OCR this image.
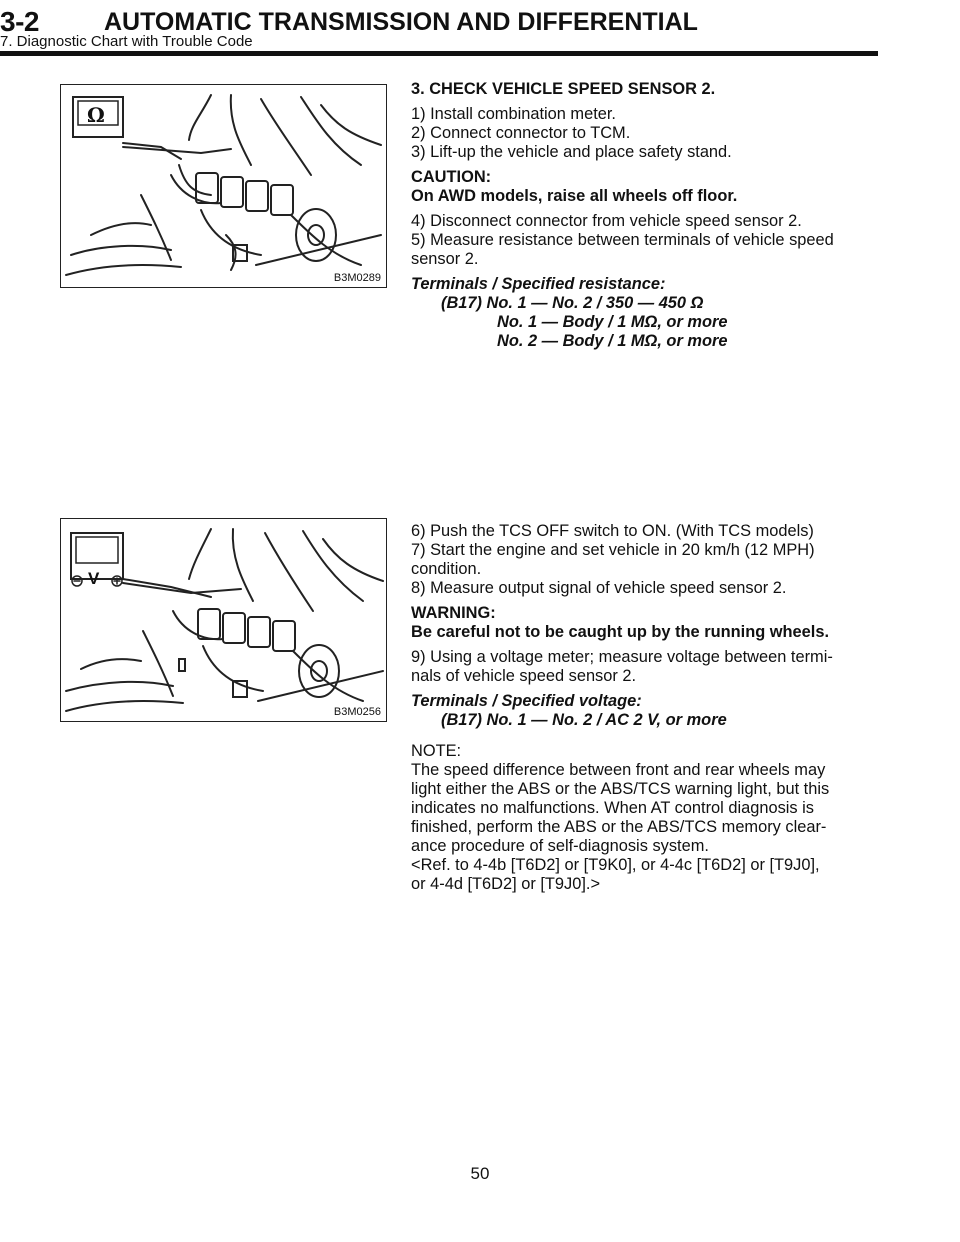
3-2	AUTOMATIC TRANSMISSION AND DIFFERENTIAL
7. Diagnostic Chart with Trouble Code
Ω
B3M0289
3. CHECK VEHICLE SPEED SENSOR 2.
1) Install combination meter.
2) Connect connector to TCM.
3) Lift-up the vehicle and place safety stand.
CAUTION:
On AWD models, raise all wheels off floor.
4) Disconnect connector from vehicle speed sensor 2.
5) Measure resistance between terminals of vehicle speed
sensor 2.
Terminals / Specified resistance:
(B17) No. 1 — No. 2 / 350 — 450 Ω
No. 1 — Body / 1 MΩ, or more
No. 2 — Body / 1 MΩ, or more
V
B3M0256
6) Push the TCS OFF switch to ON. (With TCS models)
7) Start the engine and set vehicle in 20 km/h (12 MPH)
condition.
8) Measure output signal of vehicle speed sensor 2.
WARNING:
Be careful not to be caught up by the running wheels.
9) Using a voltage meter; measure voltage between termi-
nals of vehicle speed sensor 2.
Terminals / Specified voltage:
(B17) No. 1 — No. 2 / AC 2 V, or more
NOTE:
The speed difference between front and rear wheels may
light either the ABS or the ABS/TCS warning light, but this
indicates no malfunctions. When AT control diagnosis is
finished, perform the ABS or the ABS/TCS memory clear-
ance procedure of self-diagnosis system.
<Ref. to 4-4b [T6D2] or [T9K0], or 4-4c [T6D2] or [T9J0],
or 4-4d [T6D2] or [T9J0].>
50
